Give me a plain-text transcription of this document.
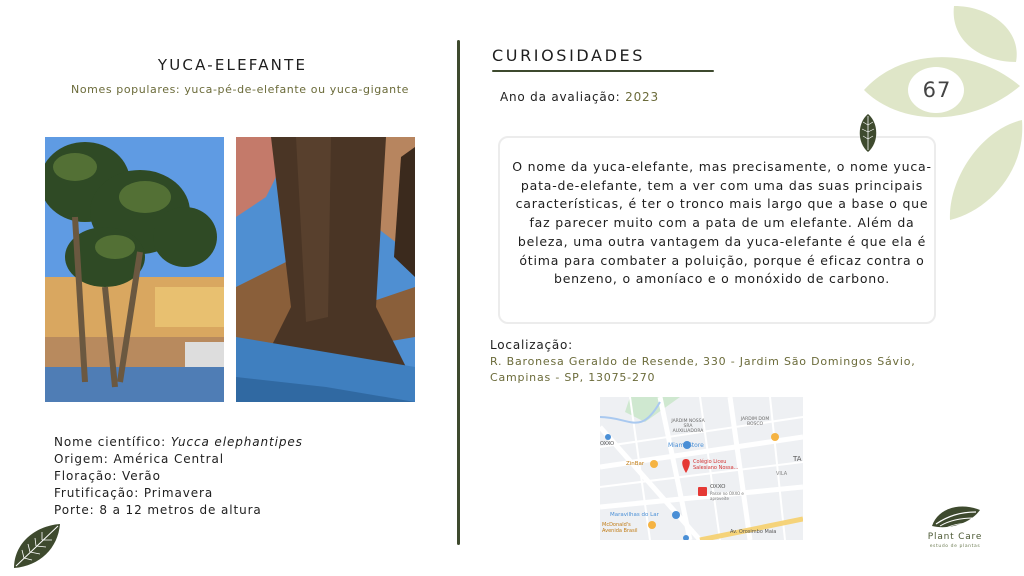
YUCA-ELEFANTE
Nomes populares: yuca-pé-de-elefante ou yuca-gigante
Nome científico: Yucca elephantipes
Origem: América Central
Floração: Verão
Frutificação: Primavera
Porte: 8 a 12 metros de altura
CURIOSIDADES
Ano da avaliação: 2023
O nome da yuca-elefante, mas precisamente, o nome yuca-pata-de-elefante, tem a ver com uma das suas principais características, é ter o tronco mais largo que a base o que faz parecer muito com a pata de um elefante. Além da beleza, uma outra vantagem da yuca-elefante é que ela é ótima para combater a poluição, porque é eficaz contra o benzeno, o amoníaco e o monóxido de carbono.
Localização:
R. Baronesa Geraldo de Resende, 330 - Jardim São Domingos Sávio, Campinas - SP, 13075-270
JARDIM NOSSA SRA AUXILIADORA
JARDIM DOM BOSCO
Miami Store
ZinBar	Colégio Liceu Salesiano Nossa...
OXXO
Passe no OXXO e aproveite
OXXO
Maravilhas do Lar
McDonald's Avenida Brasil	Av. Orosimbo Maia
VILA
TA
67
Plant Care
estudo de plantas
